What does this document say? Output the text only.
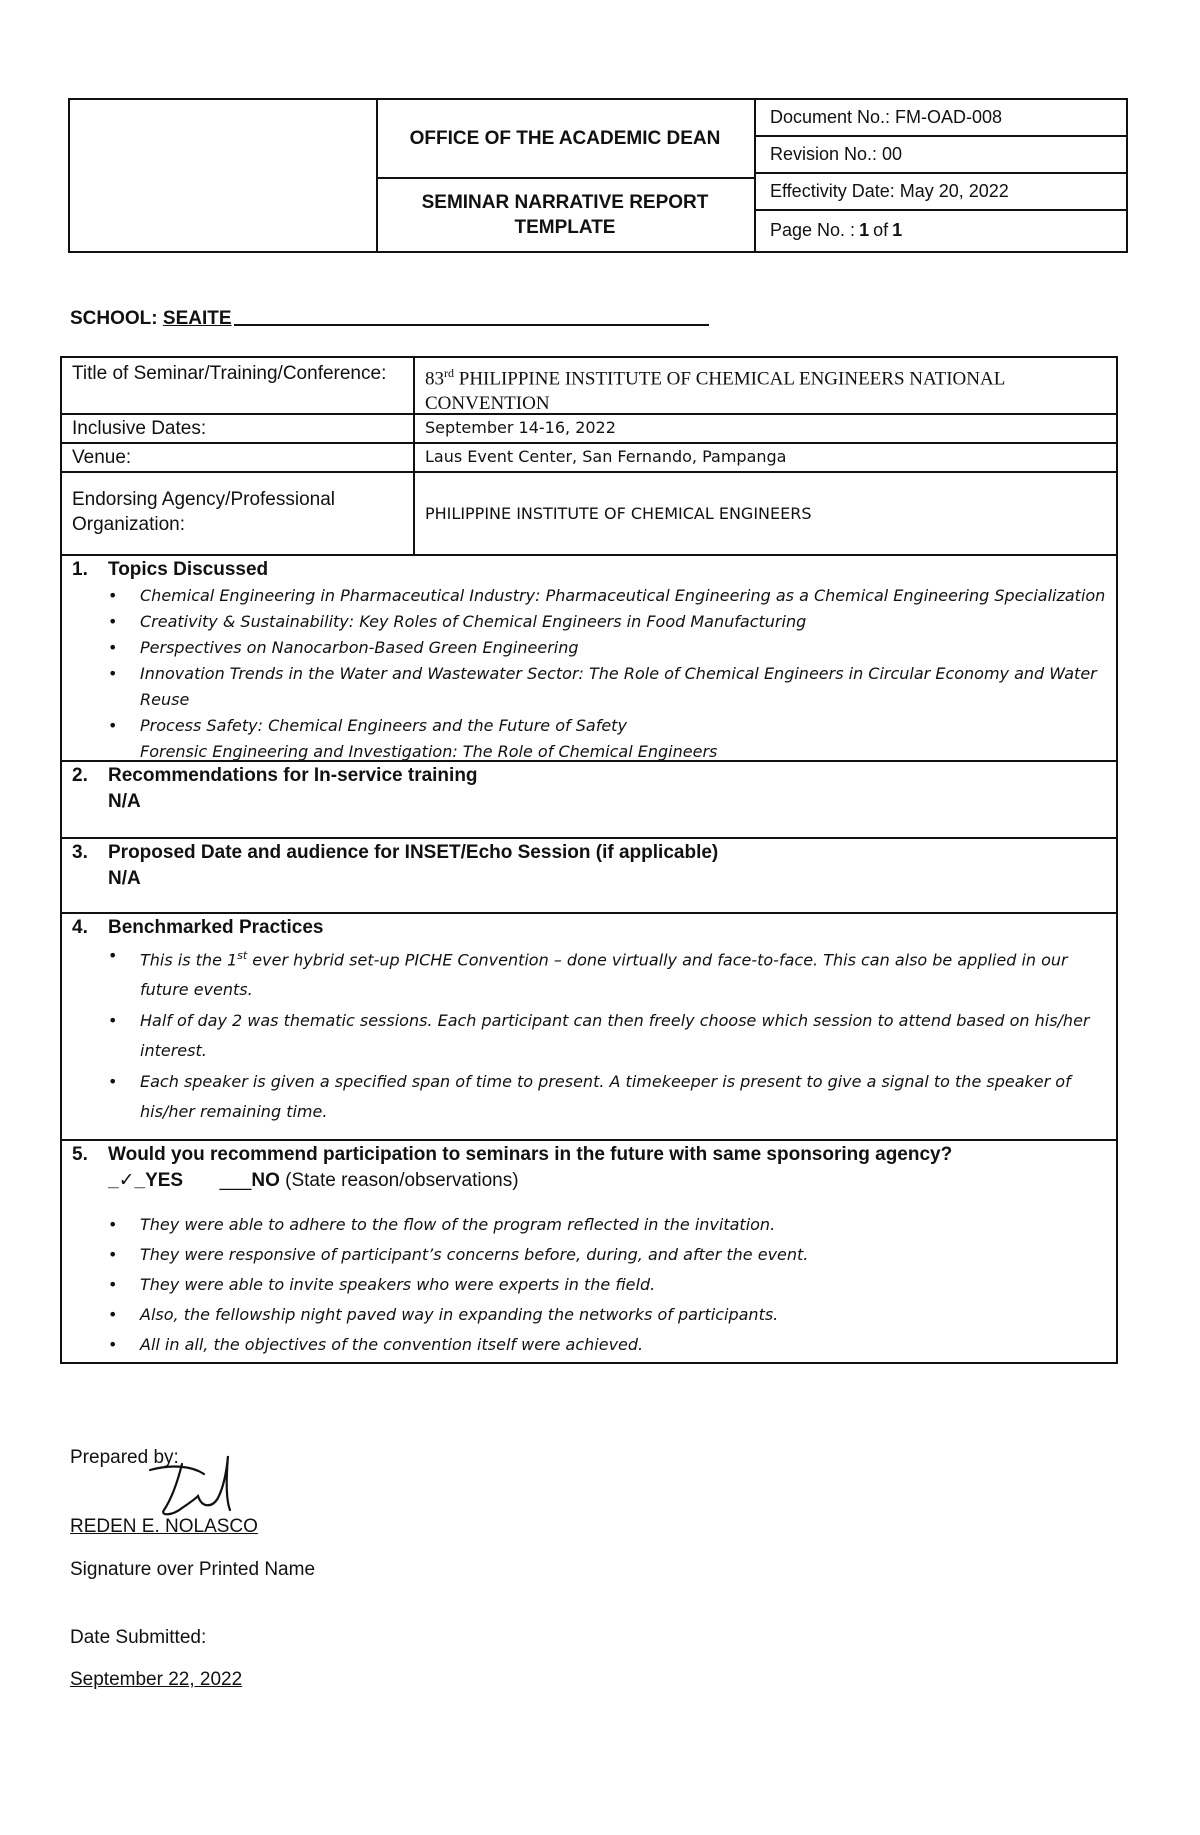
OFFICE OF THE ACADEMIC DEAN
SEMINAR NARRATIVE REPORT TEMPLATE
Document No.: FM-OAD-008
Revision No.: 00
Effectivity Date: May 20, 2022
Page No. : 1 of 1
SCHOOL: SEAITE
Title of Seminar/Training/Conference:	83rd PHILIPPINE INSTITUTE OF CHEMICAL ENGINEERS NATIONAL CONVENTION
Inclusive Dates:	September 14-16, 2022
Venue:	Laus Event Center, San Fernando, Pampanga
Endorsing Agency/Professional Organization:
PHILIPPINE INSTITUTE OF CHEMICAL ENGINEERS
1.	Topics Discussed
• Chemical Engineering in Pharmaceutical Industry: Pharmaceutical Engineering as a Chemical Engineering Specialization
• Creativity & Sustainability: Key Roles of Chemical Engineers in Food Manufacturing
• Perspectives on Nanocarbon-Based Green Engineering
• Innovation Trends in the Water and Wastewater Sector: The Role of Chemical Engineers in Circular Economy and Water Reuse
• Process Safety: Chemical Engineers and the Future of Safety
Forensic Engineering and Investigation: The Role of Chemical Engineers
2.	Recommendations for In-service training
N/A
3.	Proposed Date and audience for INSET/Echo Session (if applicable)
N/A
4.	Benchmarked Practices
• This is the 1st ever hybrid set-up PICHE Convention – done virtually and face-to-face. This can also be applied in our future events.
• Half of day 2 was thematic sessions. Each participant can then freely choose which session to attend based on his/her interest.
• Each speaker is given a specified span of time to present. A timekeeper is present to give a signal to the speaker of his/her remaining time.
5.	Would you recommend participation to seminars in the future with same sponsoring agency?
_✓_YES ___NO (State reason/observations)
• They were able to adhere to the flow of the program reflected in the invitation.
• They were responsive of participant’s concerns before, during, and after the event.
• They were able to invite speakers who were experts in the field.
• Also, the fellowship night paved way in expanding the networks of participants.
• All in all, the objectives of the convention itself were achieved.
Prepared by:
REDEN E. NOLASCO
Signature over Printed Name
Date Submitted:
September 22, 2022
